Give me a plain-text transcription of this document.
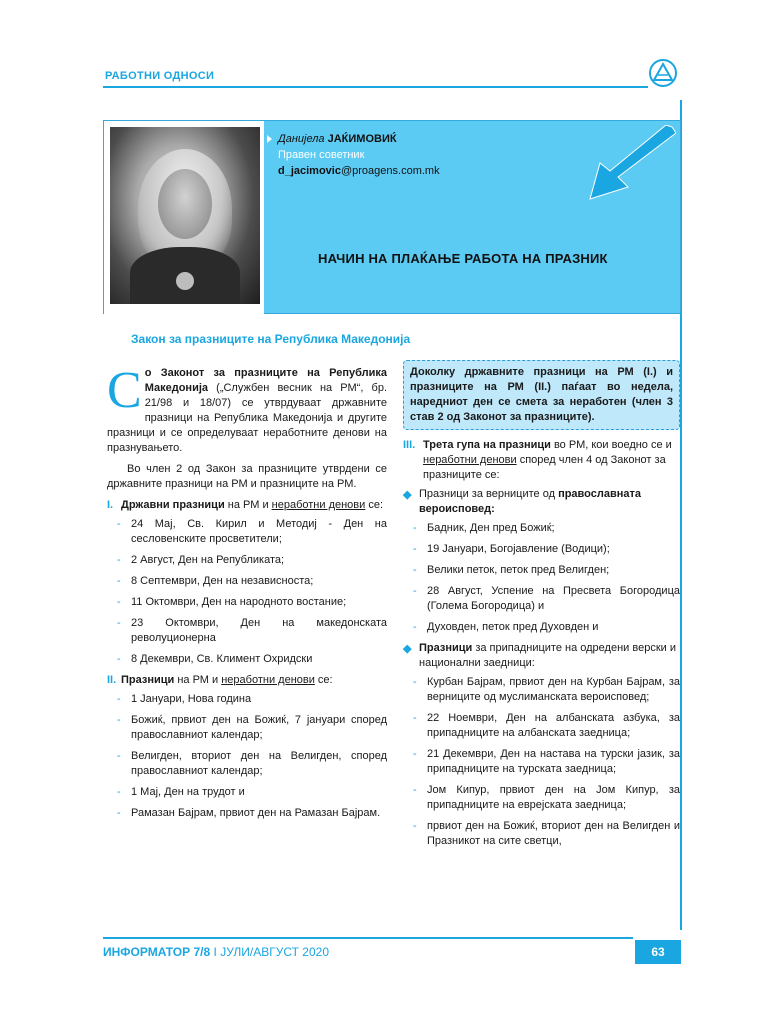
РАБОТНИ ОДНОСИ
Данијела ЈАЌИМОВИЌ
Правен советник
d_jacimovic@proagens.com.mk
НАЧИН НА ПЛАЌАЊЕ РАБОТА НА ПРАЗНИК
Закон за празниците на Република Македонија

Со Законот за празниците на Република Македонија („Службен весник на РМ“, бр. 21/98 и 18/07) се утврдуваат државните празници на Република Македонија и другите празници и се определуваат неработните денови на празнувањето.

Во член 2 од Закон за празниците утврдени се државните празници на РМ и празниците на РМ.

I. Државни празници на РМ и неработни денови се:
- 24 Мај, Св. Кирил и Методиј - Ден на сесловенските просветители;
- 2 Август, Ден на Републиката;
- 8 Септември, Ден на независноста;
- 11 Октомври, Ден на народното востание;
- 23 Октомври, Ден на македонската револуционерна
- 8 Декември, Св. Климент Охридски
II. Празници на РМ и неработни денови се:
- 1 Јануари, Нова година
- Божиќ, првиот ден на Божиќ, 7 јануари според православниот календар;
- Велигден, вториот ден на Велигден, според православниот календар;
- 1 Мај, Ден на трудот и
- Рамазан Бајрам, првиот ден на Рамазан Бајрам.
Доколку државните празници на РМ (I.) и празниците на РМ (II.) паѓаат во недела, наредниот ден се смета за неработен (член 3 став 2 од Законот за празниците).
III. Трета гупа на празници во РМ, кои воедно се и неработни денови според член 4 од Законот за празниците се:
◆ Празници за верниците од православната вероисповед:
- Бадник, Ден пред Божиќ;
- 19 Јануари, Богојавление (Водици);
- Велики петок, петок пред Велигден;
- 28 Август, Успение на Пресвета Богородица (Голема Богородица) и
- Духовден, петок пред Духовден и
◆ Празници за припадниците на одредени верски и национални заедници:
- Курбан Бајрам, првиот ден на Курбан Бајрам, за верниците од муслиманската вероисповед;
- 22 Ноември, Ден на албанската азбука, за припадниците на албанската заедница;
- 21 Декември, Ден на настава на турски јазик, за припадниците на турската заедница;
- Јом Кипур, првиот ден на Јом Кипур, за припадниците на еврејската заедница;
- првиот ден на Божиќ, вториот ден на Велигден и Празникот на сите светци,
ИНФОРМАТОР 7/8 I ЈУЛИ/АВГУСТ 2020	63
